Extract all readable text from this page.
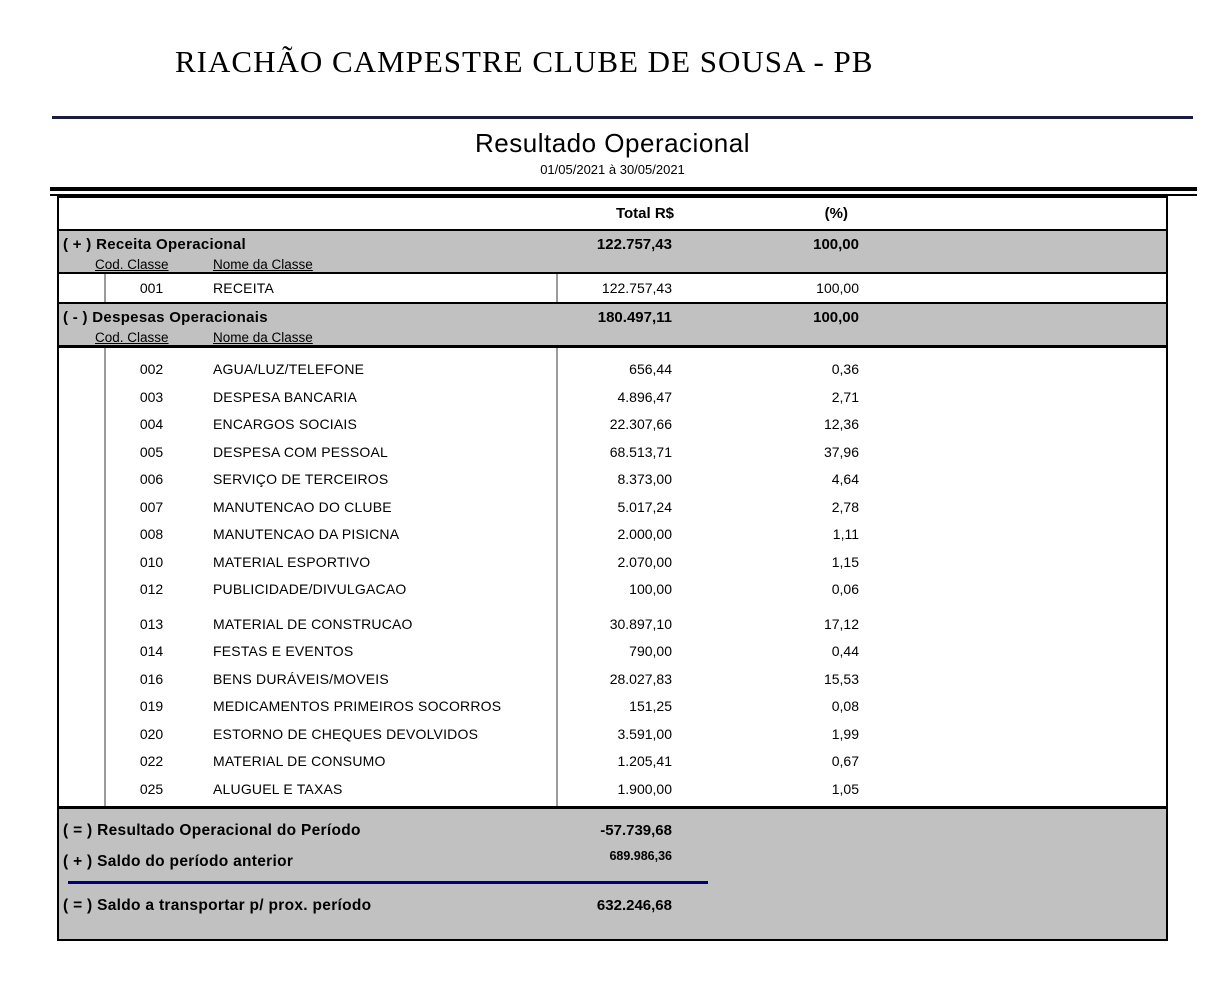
RIACHÃO CAMPESTRE CLUBE DE SOUSA - PB
Resultado Operacional
01/05/2021 à 30/05/2021
Total R$	(%)
( + ) Receita Operacional	122.757,43	100,00
Cod. Classe	Nome da Classe
001	RECEITA	122.757,43	100,00
( - ) Despesas Operacionais	180.497,11	100,00
Cod. Classe	Nome da Classe
002	AGUA/LUZ/TELEFONE	656,44	0,36
003	DESPESA BANCARIA	4.896,47	2,71
004	ENCARGOS SOCIAIS	22.307,66	12,36
005	DESPESA COM PESSOAL	68.513,71	37,96
006	SERVIÇO DE TERCEIROS	8.373,00	4,64
007	MANUTENCAO DO CLUBE	5.017,24	2,78
008	MANUTENCAO DA PISICNA	2.000,00	1,11
010	MATERIAL ESPORTIVO	2.070,00	1,15
012	PUBLICIDADE/DIVULGACAO	100,00	0,06
013	MATERIAL DE CONSTRUCAO	30.897,10	17,12
014	FESTAS E EVENTOS	790,00	0,44
016	BENS DURÁVEIS/MOVEIS	28.027,83	15,53
019	MEDICAMENTOS PRIMEIROS SOCORROS	151,25	0,08
020	ESTORNO DE CHEQUES DEVOLVIDOS	3.591,00	1,99
022	MATERIAL DE CONSUMO	1.205,41	0,67
025	ALUGUEL E TAXAS	1.900,00	1,05
( = ) Resultado Operacional do Período	-57.739,68
( + ) Saldo do período anterior	689.986,36
( = ) Saldo a transportar p/ prox. período	632.246,68
